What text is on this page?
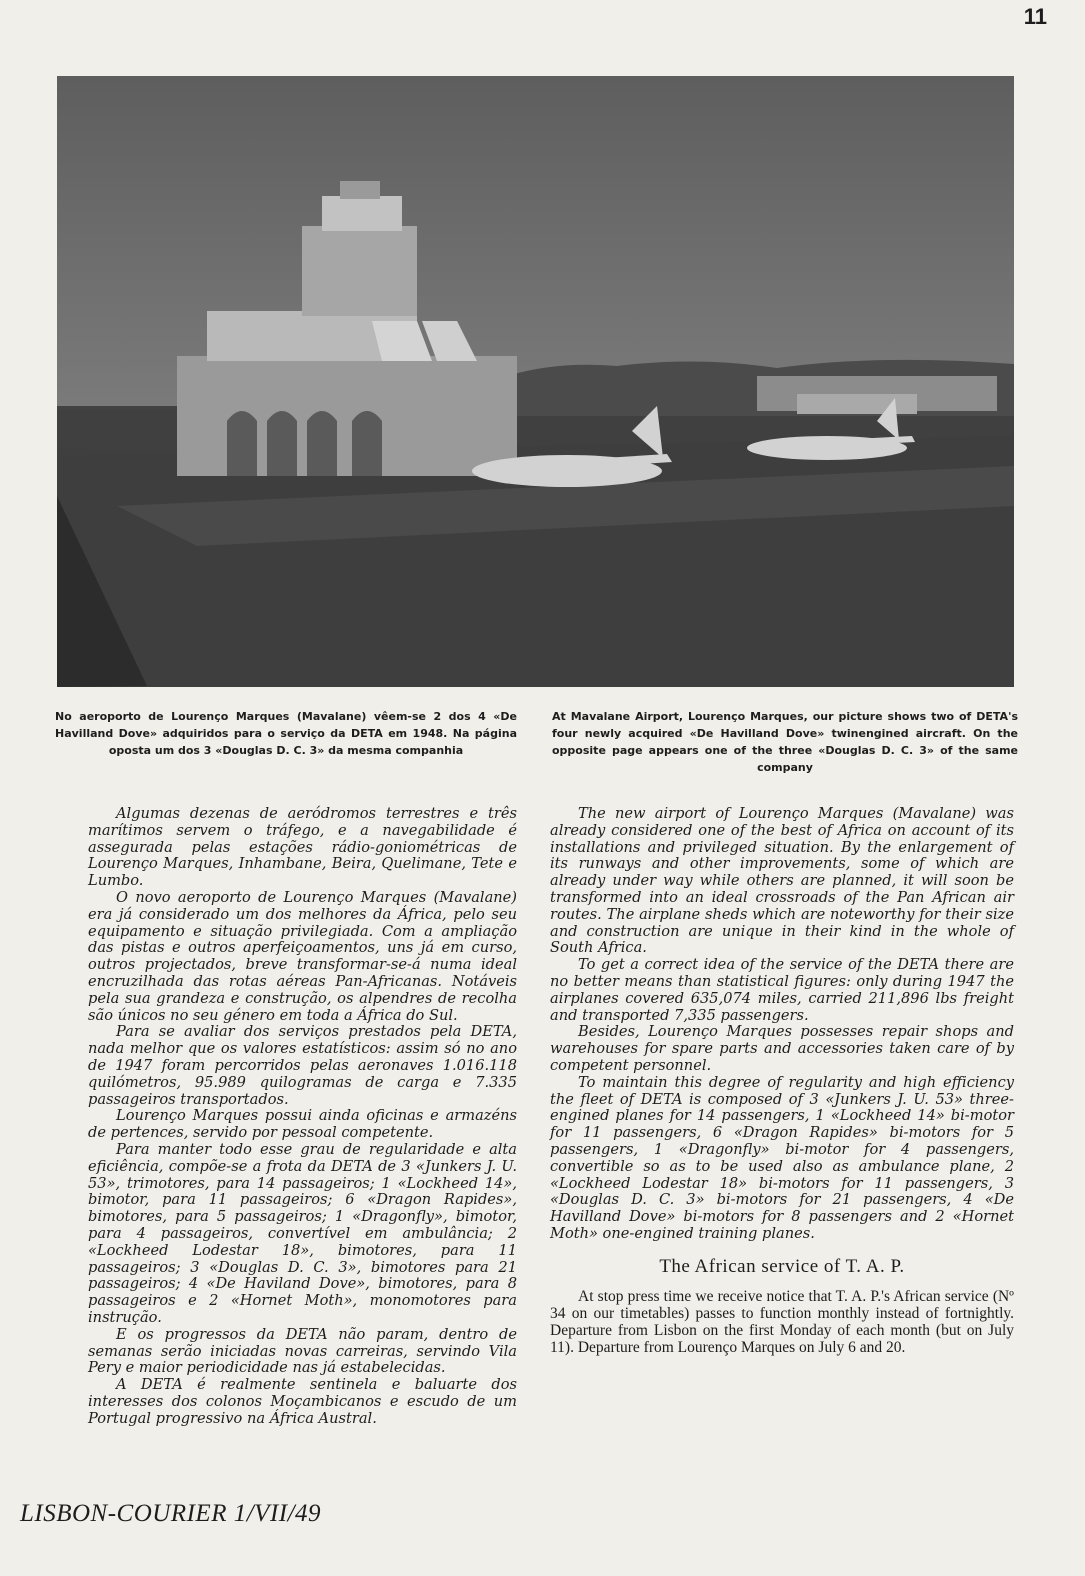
11
No aeroporto de Lourenço Marques (Mavalane) vêem-se 2 dos 4 «De Havilland Dove» adquiridos para o serviço da DETA em 1948. Na página oposta um dos 3 «Douglas D. C. 3» da mesma companhia
At Mavalane Airport, Lourenço Marques, our picture shows two of DETA's four newly acquired «De Havilland Dove» twinengined aircraft. On the opposite page appears one of the three «Douglas D. C. 3» of the same company

Algumas dezenas de aeródromos terrestres e três marítimos servem o tráfego, e a navegabilidade é assegurada pelas estações rádio-goniométricas de Lourenço Marques, Inhambane, Beira, Quelimane, Tete e Lumbo.

O novo aeroporto de Lourenço Marques (Mavalane) era já considerado um dos melhores da África, pelo seu equipamento e situação privilegiada. Com a ampliação das pistas e outros aperfeiçoamentos, uns já em curso, outros projectados, breve transformar-se-á numa ideal encruzilhada das rotas aéreas Pan-Africanas. Notáveis pela sua grandeza e construção, os alpendres de recolha são únicos no seu género em toda a África do Sul.

Para se avaliar dos serviços prestados pela DETA, nada melhor que os valores estatísticos: assim só no ano de 1947 foram percorridos pelas aeronaves 1.016.118 quilómetros, 95.989 quilogramas de carga e 7.335 passageiros transportados.

Lourenço Marques possui ainda oficinas e armazéns de pertences, servido por pessoal competente.

Para manter todo esse grau de regularidade e alta eficiência, compõe-se a frota da DETA de 3 «Junkers J. U. 53», trimotores, para 14 passageiros; 1 «Lockheed 14», bimotor, para 11 passageiros; 6 «Dragon Rapides», bimotores, para 5 passageiros; 1 «Dragonfly», bimotor, para 4 passageiros, convertível em ambulância; 2 «Lockheed Lodestar 18», bimotores, para 11 passageiros; 3 «Douglas D. C. 3», bimotores para 21 passageiros; 4 «De Haviland Dove», bimotores, para 8 passageiros e 2 «Hornet Moth», monomotores para instrução.

E os progressos da DETA não param, dentro de semanas serão iniciadas novas carreiras, servindo Vila Pery e maior periodicidade nas já estabelecidas.

A DETA é realmente sentinela e baluarte dos interesses dos colonos Moçambicanos e escudo de um Portugal progressivo na África Austral.

The new airport of Lourenço Marques (Mavalane) was already considered one of the best of Africa on account of its installations and privileged situation. By the enlargement of its runways and other improvements, some of which are already under way while others are planned, it will soon be transformed into an ideal crossroads of the Pan African air routes. The airplane sheds which are noteworthy for their size and construction are unique in their kind in the whole of South Africa.

To get a correct idea of the service of the DETA there are no better means than statistical figures: only during 1947 the airplanes covered 635,074 miles, carried 211,896 lbs freight and transported 7,335 passengers.

Besides, Lourenço Marques possesses repair shops and warehouses for spare parts and accessories taken care of by competent personnel.

To maintain this degree of regularity and high efficiency the fleet of DETA is composed of 3 «Junkers J. U. 53» three-engined planes for 14 passengers, 1 «Lockheed 14» bi-motor for 11 passengers, 6 «Dragon Rapides» bi-motors for 5 passengers, 1 «Dragonfly» bi-motor for 4 passengers, convertible so as to be used also as ambulance plane, 2 «Lockheed Lodestar 18» bi-motors for 11 passengers, 3 «Douglas D. C. 3» bi-motors for 21 passengers, 4 «De Havilland Dove» bi-motors for 8 passengers and 2 «Hornet Moth» one-engined training planes.

The African service of T. A. P.

At stop press time we receive notice that T. A. P.'s African service (Nº 34 on our timetables) passes to function monthly instead of fortnightly. Departure from Lisbon on the first Monday of each month (but on July 11). Departure from Lourenço Marques on July 6 and 20.

LISBON-COURIER 1/VII/49
